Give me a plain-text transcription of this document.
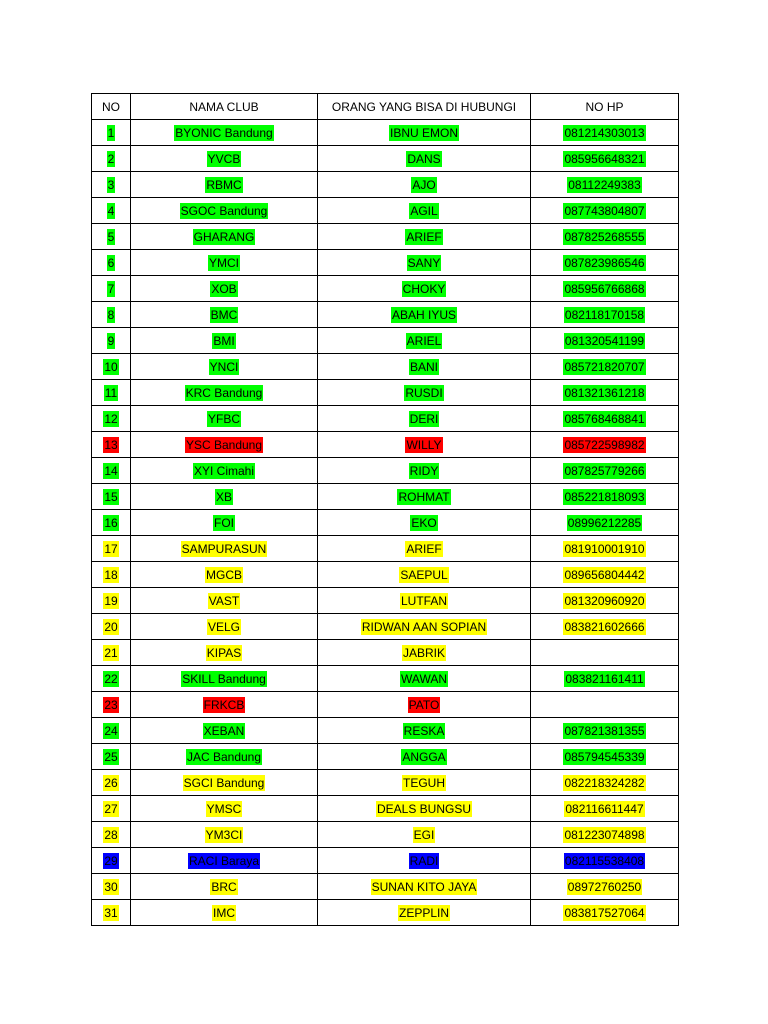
NO	NAMA CLUB	ORANG YANG BISA DI HUBUNGI	NO HP
1	BYONIC Bandung	IBNU EMON	081214303013
2	YVCB	DANS	085956648321
3	RBMC	AJO	08112249383
4	SGOC Bandung	AGIL	087743804807
5	GHARANG	ARIEF	087825268555
6	YMCI	SANY	087823986546
7	XOB	CHOKY	085956766868
8	BMC	ABAH IYUS	082118170158
9	BMI	ARIEL	081320541199
10	YNCI	BANI	085721820707
11	KRC Bandung	RUSDI	081321361218
12	YFBC	DERI	085768468841
13	YSC Bandung	WILLY	085722598982
14	XYI Cimahi	RIDY	087825779266
15	XB	ROHMAT	085221818093
16	FOI	EKO	08996212285
17	SAMPURASUN	ARIEF	081910001910
18	MGCB	SAEPUL	089656804442
19	VAST	LUTFAN	081320960920
20	VELG	RIDWAN AAN SOPIAN	083821602666
21	KIPAS	JABRIK	
22	SKILL Bandung	WAWAN	083821161411
23	FRKCB	PATO	
24	XEBAN	RESKA	087821381355
25	JAC Bandung	ANGGA	085794545339
26	SGCI Bandung	TEGUH	082218324282
27	YMSC	DEALS BUNGSU	082116611447
28	YM3CI	EGI	081223074898
29	RACI Baraya	RADI	082115538408
30	BRC	SUNAN KITO JAYA	08972760250
31	IMC	ZEPPLIN	083817527064
